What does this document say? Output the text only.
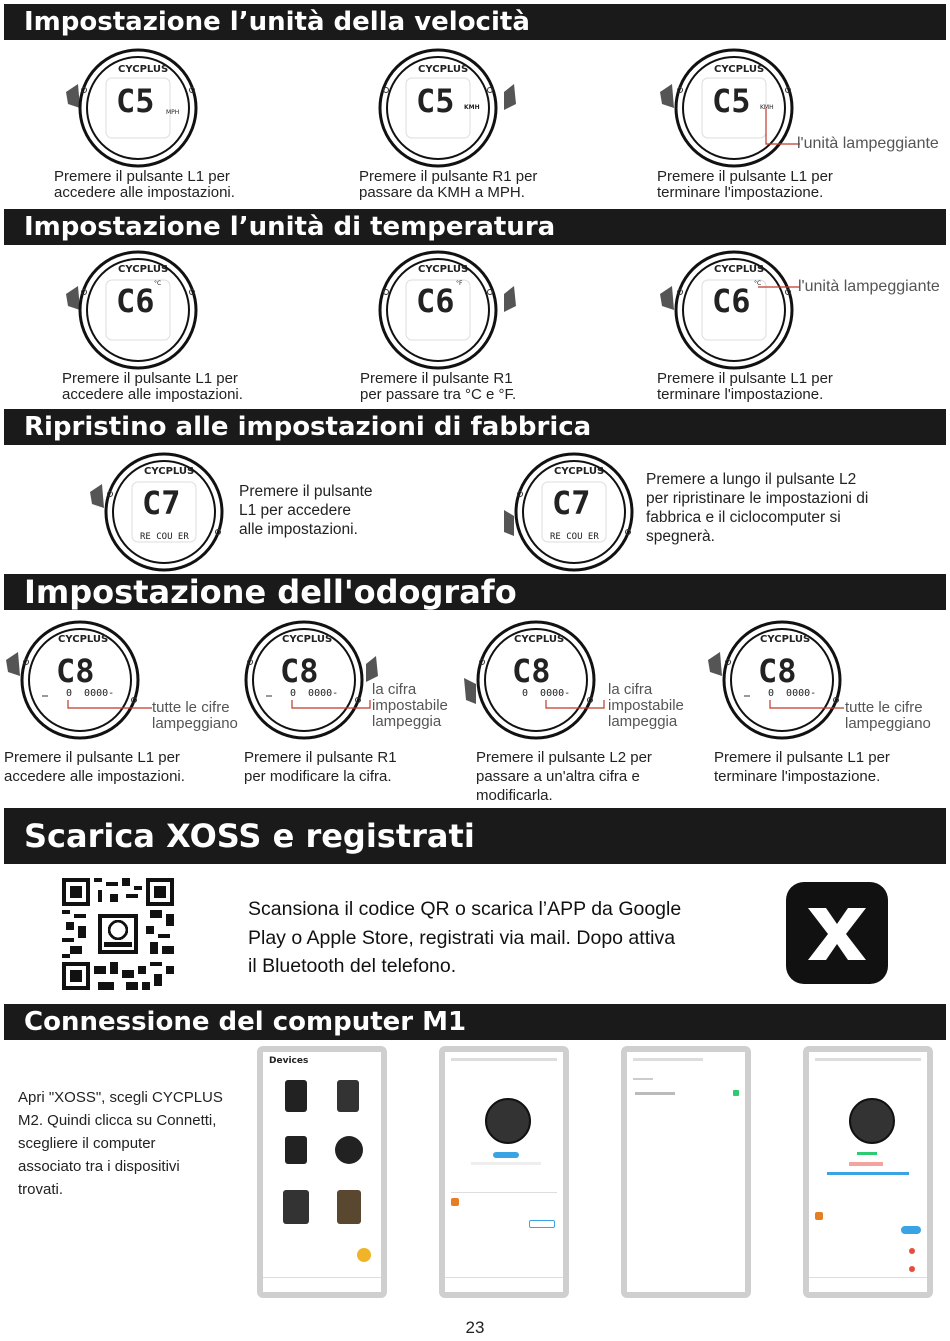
Impostazione l’unità della velocità
CYCPLUS
C5 MPH
Premere il pulsante L1 per
accedere alle impostazioni.
CYCPLUS
C5 KMH
Premere il pulsante R1 per
passare da KMH a MPH.
CYCPLUS
C5 KMH
l'unità lampeggiante
Premere il pulsante L1 per
terminare l'impostazione.
Impostazione l’unità di temperatura
CYCPLUS
C6 °C
Premere il pulsante L1 per
accedere alle impostazioni.
CYCPLUS
C6 °F
Premere il pulsante R1
per passare tra °C e °F.
CYCPLUS
C6 °C l'unità lampeggiante
Premere il pulsante L1 per
terminare l'impostazione.
Ripristino alle impostazioni di fabbrica
CYCPLUS
C7
RE COU ER
Premere il pulsante
L1 per accedere
alle impostazioni.
CYCPLUS
C7
RE COU ER
Premere a lungo il pulsante L2
per ripristinare le impostazioni di
fabbrica e il ciclocomputer si
spegnerà.
Impostazione dell'odografo
CYCPLUS
C8
0  0000-
tutte le cifre
lampeggiano
Premere il pulsante L1 per
accedere alle impostazioni.
CYCPLUS
C8
0  0000- la cifra
impostabile
lampeggia
Premere il pulsante R1
per modificare la cifra.
CYCPLUS
C8
0  0000-	la cifra
impostabile
lampeggia
Premere il pulsante L2 per
passare a un'altra cifra e
modificarla.
CYCPLUS
C8
0  0000-
tutte le cifre
lampeggiano
Premere il pulsante L1 per
terminare l'impostazione.
Scarica XOSS e registrati
Scansiona il codice QR o scarica l’APP da Google
Play o Apple Store, registrati via mail. Dopo attiva
il Bluetooth del telefono.
Connessione del computer M1
Apri "XOSS", scegli CYCPLUS
M2. Quindi clicca su Connetti,
scegliere il computer
associato tra i dispositivi
trovati.
Devices
23
